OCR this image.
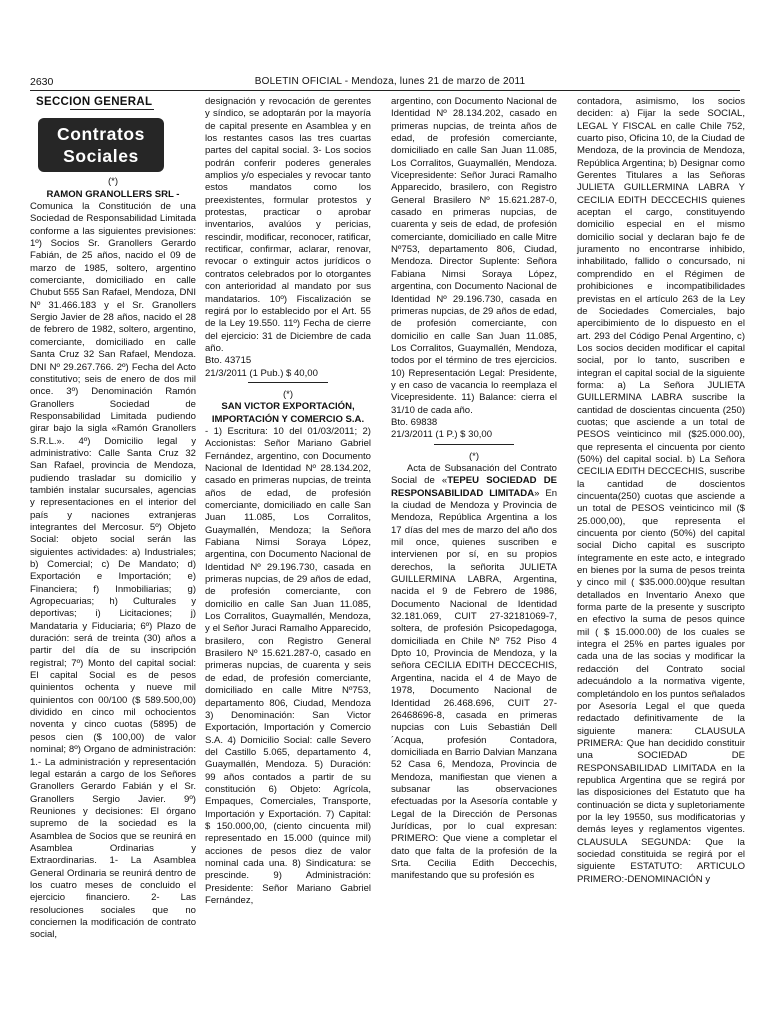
2630	BOLETIN OFICIAL - Mendoza, lunes 21 de marzo de 2011
SECCION GENERAL
Contratos
Sociales

(*)

RAMON GRANOLLERS SRL -

Comunica la Constitución de una Sociedad de Responsabilidad Limitada conforme a las siguientes previsiones: 1º) Socios Sr. Granollers Gerardo Fabián, de 25 años, nacido el 09 de marzo de 1985, soltero, argentino comerciante, domiciliado en calle Chubut 555 San Rafael, Mendoza, DNI Nº 31.466.183 y el Sr. Granollers Sergio Javier de 28 años, nacido el 28 de febrero de 1982, soltero, argentino, comerciante, domiciliado en calle Santa Cruz 32 San Rafael, Mendoza. DNI Nº 29.267.766. 2º) Fecha del Acto constitutivo; seis de enero de dos mil once. 3º) Denominación Ramón Granollers Sociedad de Responsabilidad Limitada pudiendo girar bajo la sigla «Ramón Granollers S.R.L.». 4º) Domicilio legal y administrativo: Calle Santa Cruz 32 San Rafael, provincia de Mendoza, pudiendo trasladar su domicilio y también instalar sucursales, agencias y representaciones en el interior del país y naciones extranjeras integrantes del Mercosur. 5º) Objeto Social: objeto social serán las siguientes actividades: a) Industriales; b) Comercial; c) De Mandato; d) Exportación e Importación; e) Financiera; f) Inmobiliarias; g) Agropecuarias; h) Culturales y deportivas; i) Licitaciones; j) Mandataria y Fiduciaria; 6º) Plazo de duración: será de treinta (30) años a partir del día de su inscripción registral; 7º) Monto del capital social: El capital Social es de pesos quinientos ochenta y nueve mil quinientos con 00/100 ($ 589.500,00) dividido en cinco mil ochocientos noventa y cinco cuotas (5895) de pesos cien ($ 100,00) de valor nominal; 8º) Organo de administración: 1.- La administración y representación legal estarán a cargo de los Señores Granollers Gerardo Fabián y el Sr. Granollers Sergio Javier. 9º) Reuniones y decisiones: El órgano supremo de la sociedad es la Asamblea de Socios que se reunirá en Asamblea Ordinarias y Extraordinarias. 1- La Asamblea General Ordinaria se reunirá dentro de los cuatro meses de concluido el ejercicio financiero. 2- Las resoluciones sociales que no conciernen la modificación de contrato social,

designación y revocación de gerentes y síndico, se adoptarán por la mayoría de capital presente en Asamblea y en los restantes casos las tres cuartas partes del capital social. 3- Los socios podrán conferir poderes generales amplios y/o especiales y revocar tanto estos mandatos como los preexistentes, formular protestos y protestas, practicar o aprobar inventarios, avalúos y pericias, rescindir, modificar, reconocer, ratificar, rectificar, confirmar, aclarar, renovar, revocar o extinguir actos jurídicos o contratos celebrados por lo otorgantes con anterioridad al mandato por sus mandatarios. 10º) Fiscalización se regirá por lo establecido por el Art. 55 de la Ley 19.550. 11º) Fecha de cierre del ejercicio: 31 de Diciembre de cada año.

Bto. 43715

21/3/2011 (1 Pub.) $ 40,00

(*)

SAN VICTOR EXPORTACIÓN, IMPORTACIÓN Y COMERCIO S.A.

- 1) Escritura: 10 del 01/03/2011; 2) Accionistas: Señor Mariano Gabriel Fernández, argentino, con Documento Nacional de Identidad Nº 28.134.202, casado en primeras nupcias, de treinta años de edad, de profesión comerciante, domiciliado en calle San Juan 11.085, Los Corralitos, Guaymallén, Mendoza; la Señora Fabiana Nimsi Soraya López, argentina, con Documento Nacional de Identidad Nº 29.196.730, casada en primeras nupcias, de 29 años de edad, de profesión comerciante, con domicilio en calle San Juan 11.085, Los Corralitos, Guaymallén, Mendoza, y el Señor Juraci Ramalho Apparecido, brasilero, con Registro General Brasilero Nº 15.621.287-0, casado en primeras nupcias, de cuarenta y seis de edad, de profesión comerciante, domiciliado en calle Mitre Nº753, departamento 806, Ciudad, Mendoza 3) Denominación: San Victor Exportación, Importación y Comercio S.A. 4) Domicilio Social: calle Severo del Castillo 5.065, departamento 4, Guaymallén, Mendoza. 5) Duración: 99 años contados a partir de su constitución 6) Objeto: Agrícola, Empaques, Comerciales, Transporte, Importación y Exportación. 7) Capital: $ 150.000,00, (ciento cincuenta mil) representado en 15.000 (quince mil) acciones de pesos diez de valor nominal cada una. 8) Sindicatura: se prescinde. 9) Administración: Presidente: Señor Mariano Gabriel Fernández,

argentino, con Documento Nacional de Identidad Nº 28.134.202, casado en primeras nupcias, de treinta años de edad, de profesión comerciante, domiciliado en calle San Juan 11.085, Los Corralitos, Guaymallén, Mendoza. Vicepresidente: Señor Juraci Ramalho Apparecido, brasilero, con Registro General Brasilero Nº 15.621.287-0, casado en primeras nupcias, de cuarenta y seis de edad, de profesión comerciante, domiciliado en calle Mitre Nº753, departamento 806, Ciudad, Mendoza. Director Suplente: Señora Fabiana Nimsi Soraya López, argentina, con Documento Nacional de Identidad Nº 29.196.730, casada en primeras nupcias, de 29 años de edad, de profesión comerciante, con domicilio en calle San Juan 11.085, Los Corralitos, Guaymallén, Mendoza, todos por el término de tres ejercicios. 10) Representación Legal: Presidente, y en caso de vacancia lo reemplaza el Vicepresidente. 11) Balance: cierra el 31/10 de cada año.

Bto. 69838

21/3/2011 (1 P.) $ 30,00

(*)

Acta de Subsanación del Contrato Social de «TEPEU SOCIEDAD DE RESPONSABILIDAD LIMITADA» En la ciudad de Mendoza y Provincia de Mendoza, República Argentina a los 17 días del mes de marzo del año dos mil once, quienes suscriben e intervienen por sí, en su propios derechos, la señorita JULIETA GUILLERMINA LABRA, Argentina, nacida el 9 de Febrero de 1986, Documento Nacional de Identidad 32.181.069, CUIT 27-32181069-7, soltera, de profesión Psicopedagoga, domiciliada en Chile Nº 752 Piso 4 Dpto 10, Provincia de Mendoza, y la señora CECILIA EDITH DECCECHIS, Argentina, nacida el 4 de Mayo de 1978, Documento Nacional de Identidad 26.468.696, CUIT 27-26468696-8, casada en primeras nupcias con Luis Sebastián Dell´Acqua, profesión Contadora, domiciliada en Barrio Dalvian Manzana 52 Casa 6, Mendoza, Provincia de Mendoza, manifiestan que vienen a subsanar las observaciones efectuadas por la Asesoría contable y Legal de la Dirección de Personas Jurídicas, por lo cual expresan: PRIMERO: Que viene a completar el dato que falta de la profesión de la Srta. Cecilia Edith Deccechis, manifestando que su profesión es

contadora, asimismo, los socios deciden: a) Fijar la sede SOCIAL, LEGAL Y FISCAL en calle Chile 752, cuarto piso, Oficina 10, de la Ciudad de Mendoza, de la provincia de Mendoza, República Argentina; b) Designar como Gerentes Titulares a las Señoras JULIETA GUILLERMINA LABRA Y CECILIA EDITH DECCECHIS quienes aceptan el cargo, constituyendo domicilio especial en el mismo domicilio social y declaran bajo fe de juramento no encontrarse inhibido, inhabilitado, fallido o concursado, ni comprendido en el Régimen de prohibiciones e incompatibilidades previstas en el artículo 263 de la Ley de Sociedades Comerciales, bajo apercibimiento de lo dispuesto en el art. 293 del Código Penal Argentino, c) Los socios deciden modificar el capital social, por lo tanto, suscriben e integran el capital social de la siguiente forma: a) La Señora JULIETA GUILLERMINA LABRA suscribe la cantidad de doscientas cincuenta (250) cuotas; que asciende a un total de PESOS veinticinco mil ($25.000.00), que representa el cincuenta por ciento (50%) del capital social. b) La Señora CECILIA EDITH DECCECHIS, suscribe la cantidad de doscientos cincuenta(250) cuotas que asciende a un total de PESOS veinticinco mil ($ 25.000,00), que representa el cincuenta por ciento (50%) del capital social Dicho capital es suscripto íntegramente en este acto, e integrado en bienes por la suma de pesos treinta y cinco mil ( $35.000.00)que resultan detallados en Inventario Anexo que forma parte de la presente y suscripto en efectivo la suma de pesos quince mil ( $ 15.000.00) de los cuales se integra el 25% en partes iguales por cada una de las socias y modificar la redacción del Contrato social adecuándolo a la normativa vigente, completándolo en los puntos señalados por Asesoría Legal el que queda redactado definitivamente de la siguiente manera: CLAUSULA PRIMERA: Que han decidido constituir una SOCIEDAD DE RESPONSABILIDAD LIMITADA en la republica Argentina que se regirá por las disposiciones del Estatuto que ha continuación se dicta y supletoriamente por la ley 19550, sus modificatorias y demás leyes y reglamentos vigentes. CLAUSULA SEGUNDA: Que la sociedad constituida se regirá por el siguiente ESTATUTO: ARTICULO PRIMERO:-DENOMINACIÓN y
